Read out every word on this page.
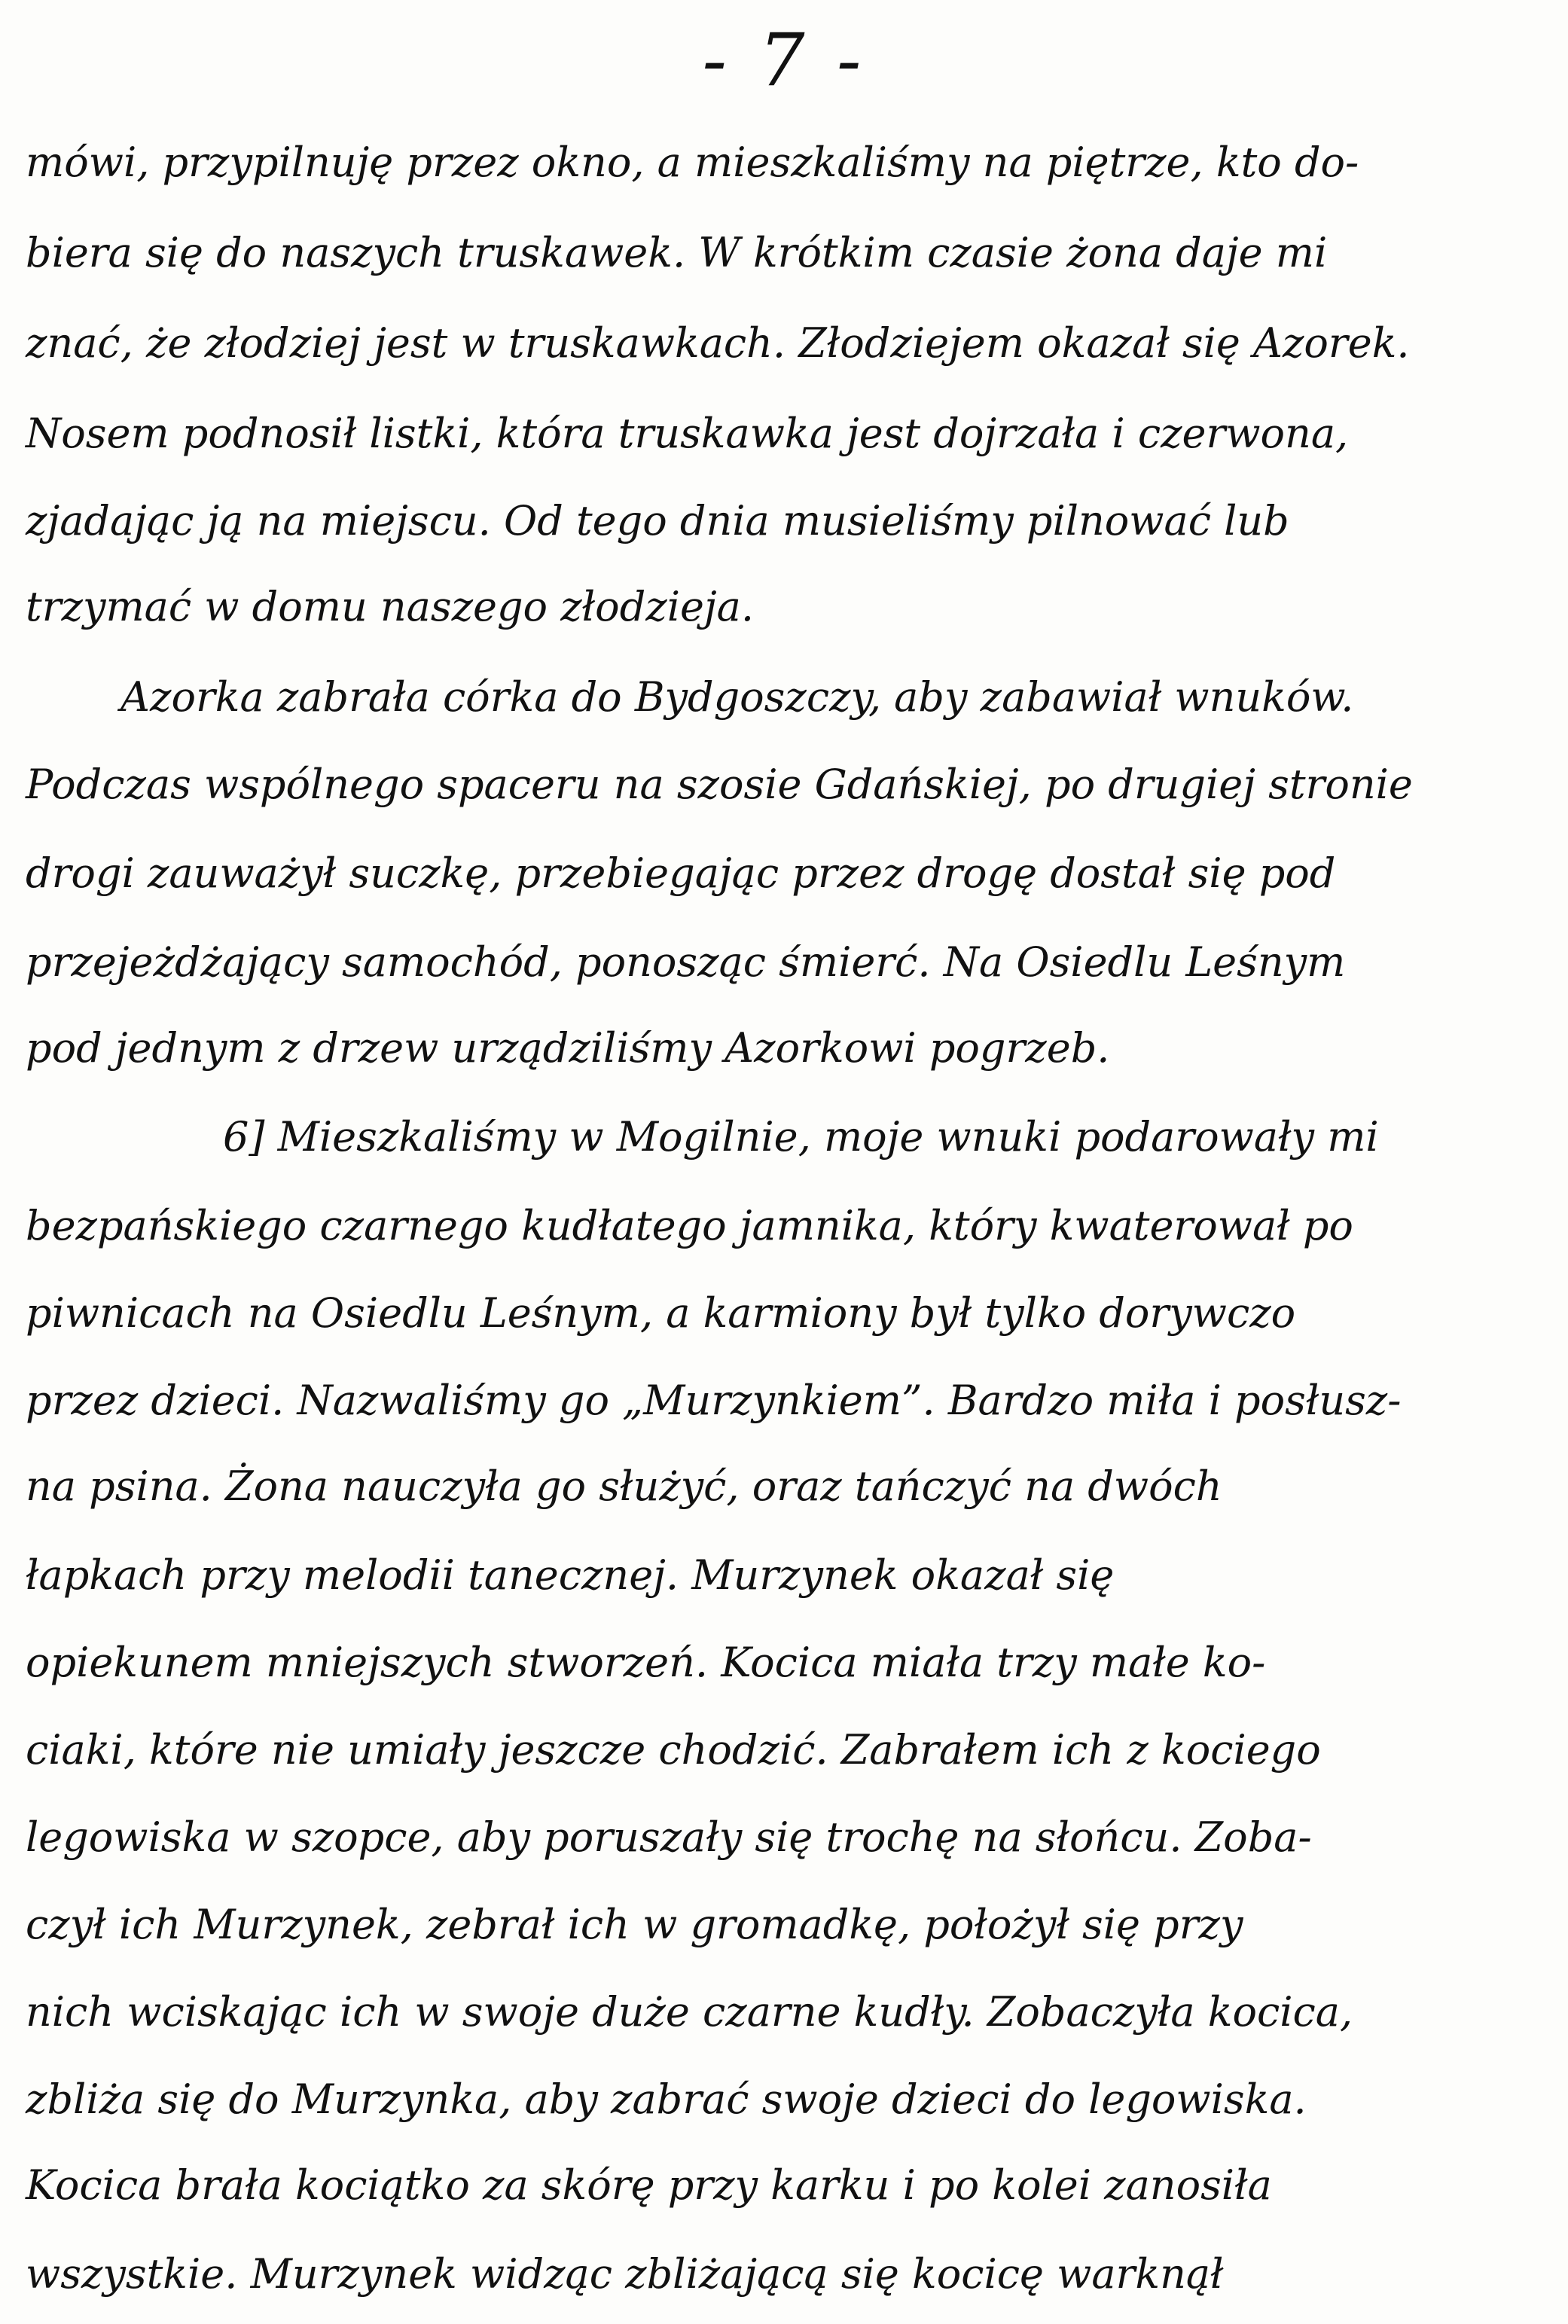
- 7 -
mówi, przypilnuję przez okno, a mieszkaliśmy na piętrze, kto do-
biera się do naszych truskawek. W krótkim czasie żona daje mi
znać, że złodziej jest w truskawkach. Złodziejem okazał się Azorek.
Nosem podnosił listki, która truskawka jest dojrzała i czerwona,
zjadając ją na miejscu. Od tego dnia musieliśmy pilnować lub
trzymać w domu naszego złodzieja.
Azorka zabrała córka do Bydgoszczy, aby zabawiał wnuków.
Podczas wspólnego spaceru na szosie Gdańskiej, po drugiej stronie
drogi zauważył suczkę, przebiegając przez drogę dostał się pod
przejeżdżający samochód, ponosząc śmierć. Na Osiedlu Leśnym
pod jednym z drzew urządziliśmy Azorkowi pogrzeb.
6] Mieszkaliśmy w Mogilnie, moje wnuki podarowały mi
bezpańskiego czarnego kudłatego jamnika, który kwaterował po
piwnicach na Osiedlu Leśnym, a karmiony był tylko dorywczo
przez dzieci. Nazwaliśmy go „Murzynkiem”. Bardzo miła i posłusz-
na psina. Żona nauczyła go służyć, oraz tańczyć na dwóch
łapkach przy melodii tanecznej. Murzynek okazał się
opiekunem mniejszych stworzeń. Kocica miała trzy małe ko-
ciaki, które nie umiały jeszcze chodzić. Zabrałem ich z kociego
legowiska w szopce, aby poruszały się trochę na słońcu. Zoba-
czył ich Murzynek, zebrał ich w gromadkę, położył się przy
nich wciskając ich w swoje duże czarne kudły. Zobaczyła kocica,
zbliża się do Murzynka, aby zabrać swoje dzieci do legowiska.
Kocica brała kociątko za skórę przy karku i po kolei zanosiła
wszystkie. Murzynek widząc zbliżającą się kocicę warknął
